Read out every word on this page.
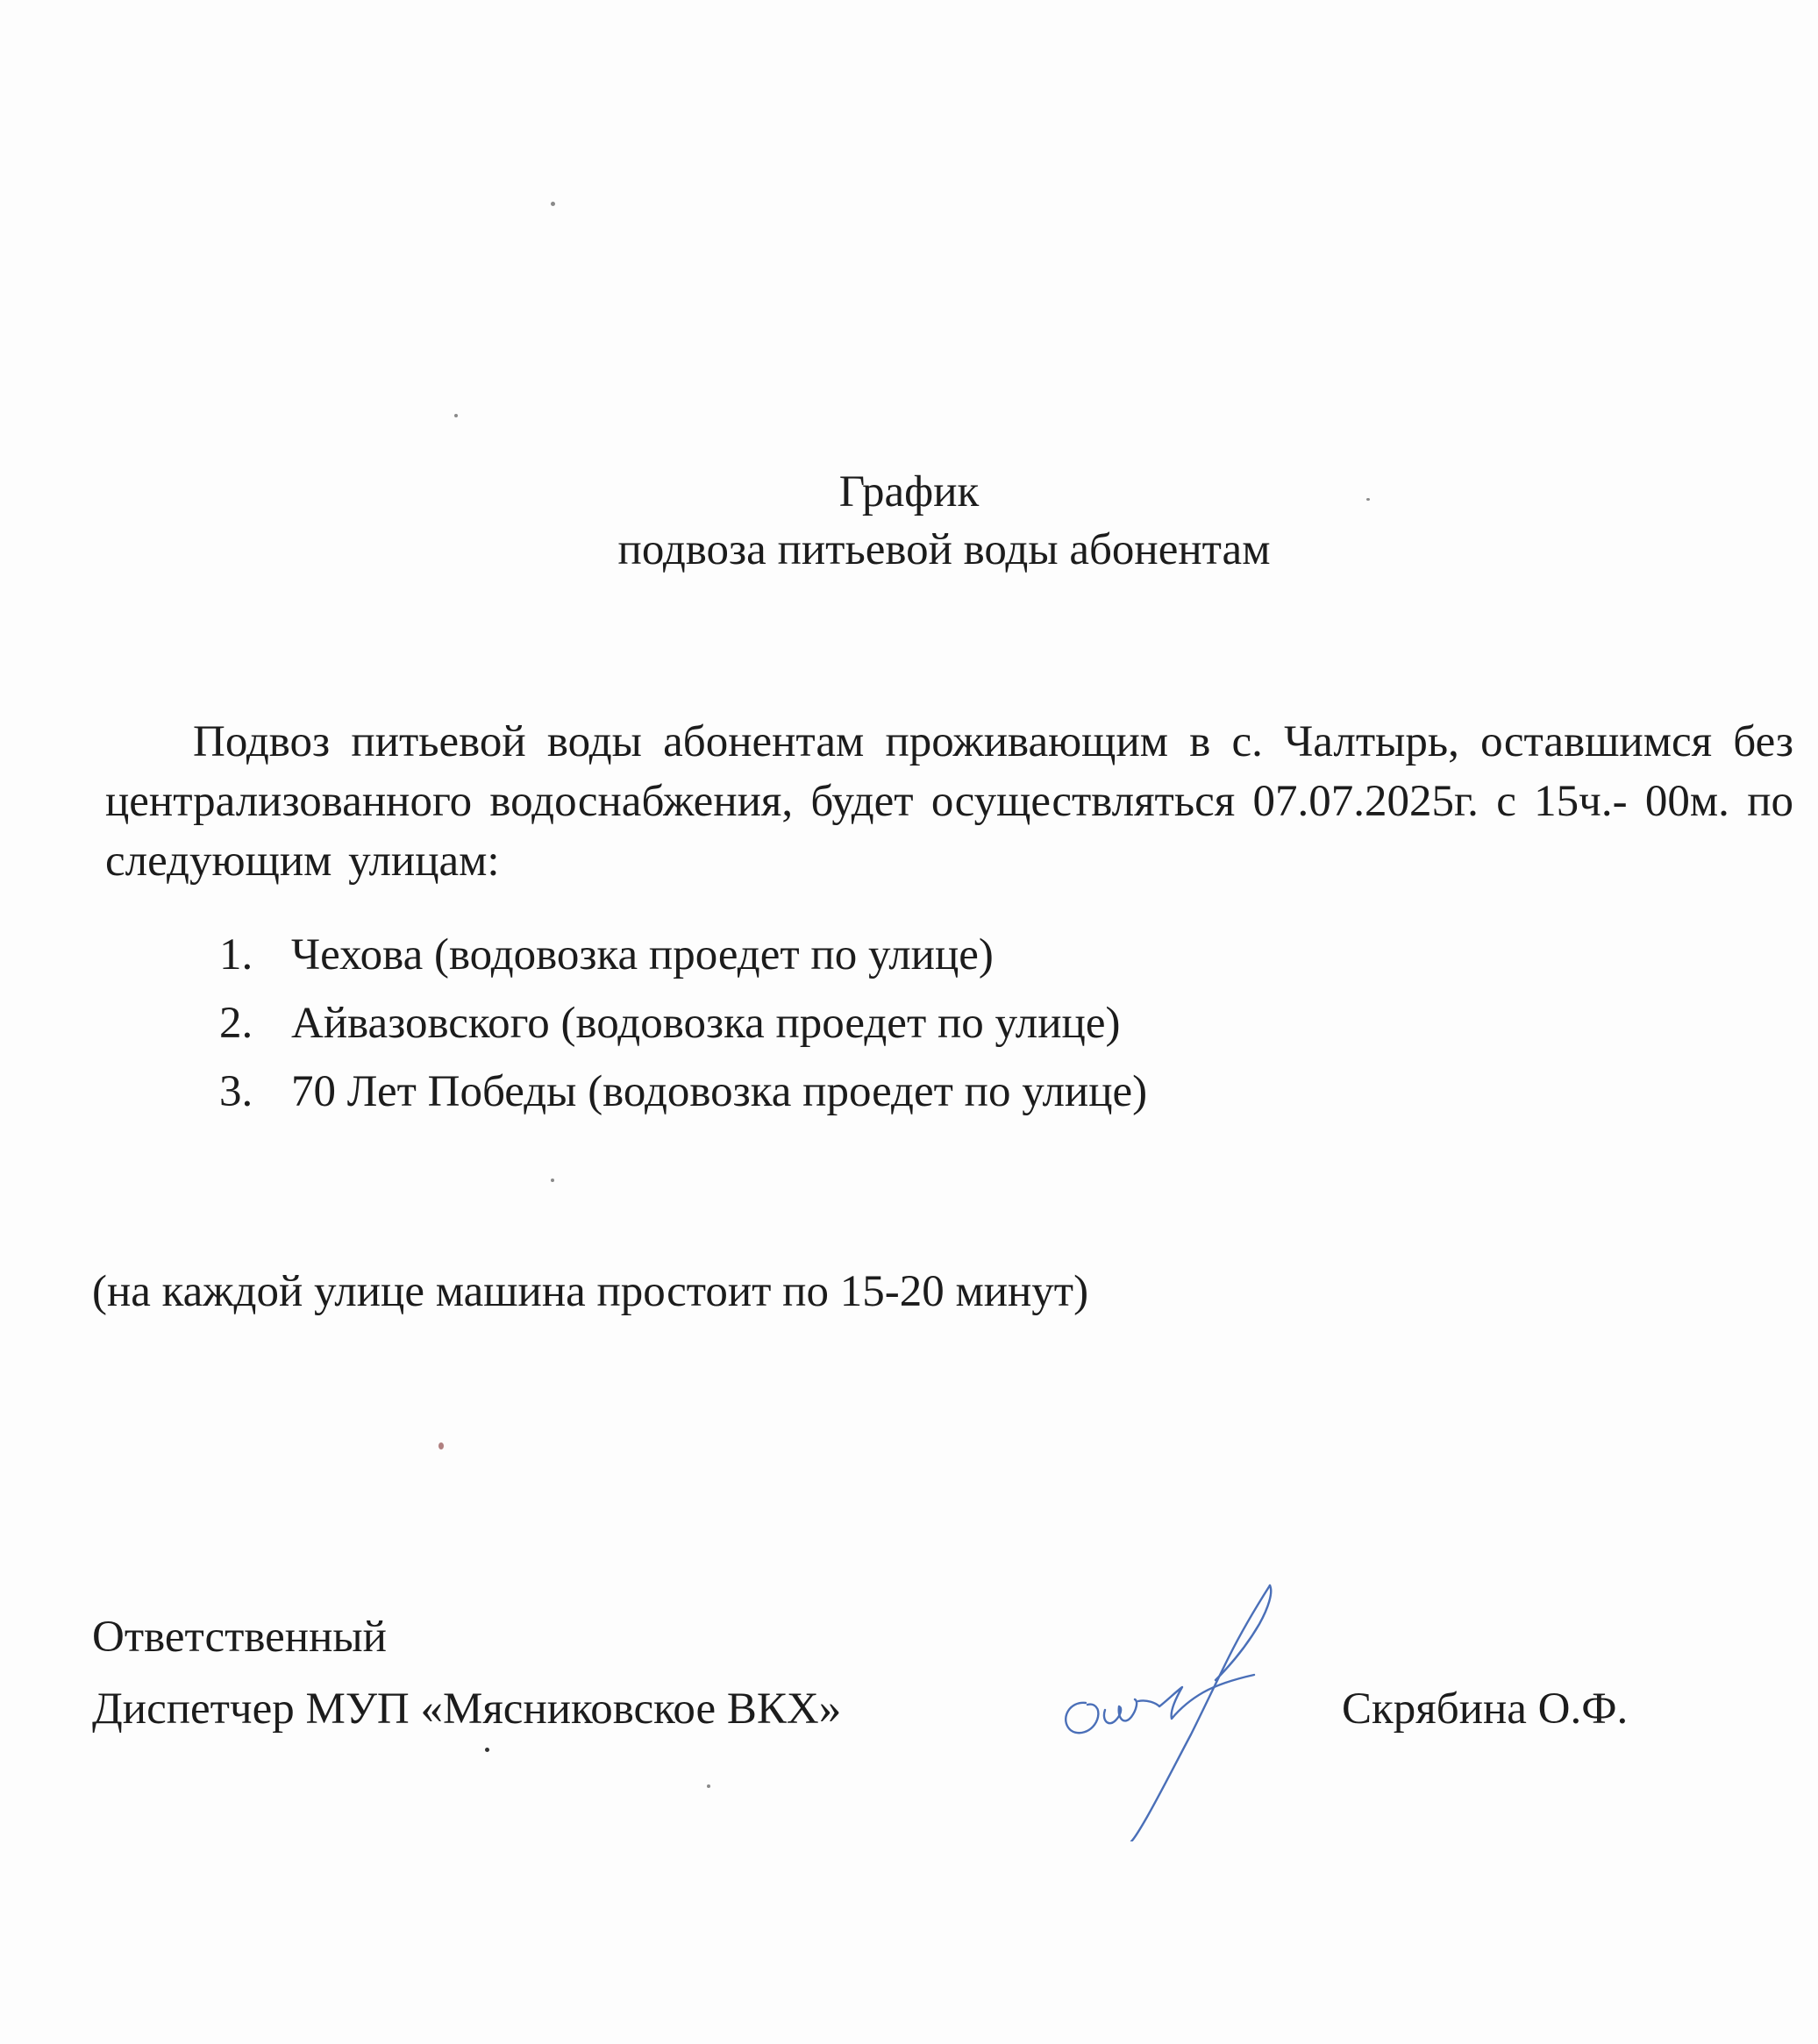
График
подвоза питьевой воды абонентам
Подвоз питьевой воды абонентам проживающим в с. Чалтырь, оставшимся без централизованного водоснабжения, будет осуществляться 07.07.2025г. с 15ч.- 00м. по следующим улицам:
1. Чехова (водовозка проедет по улице)
2. Айвазовского (водовозка проедет по улице)
3. 70 Лет Победы (водовозка проедет по улице)
(на каждой улице машина простоит по 15-20 минут)
Ответственный
Диспетчер МУП «Мясниковское ВКХ»	Скрябина О.Ф.
